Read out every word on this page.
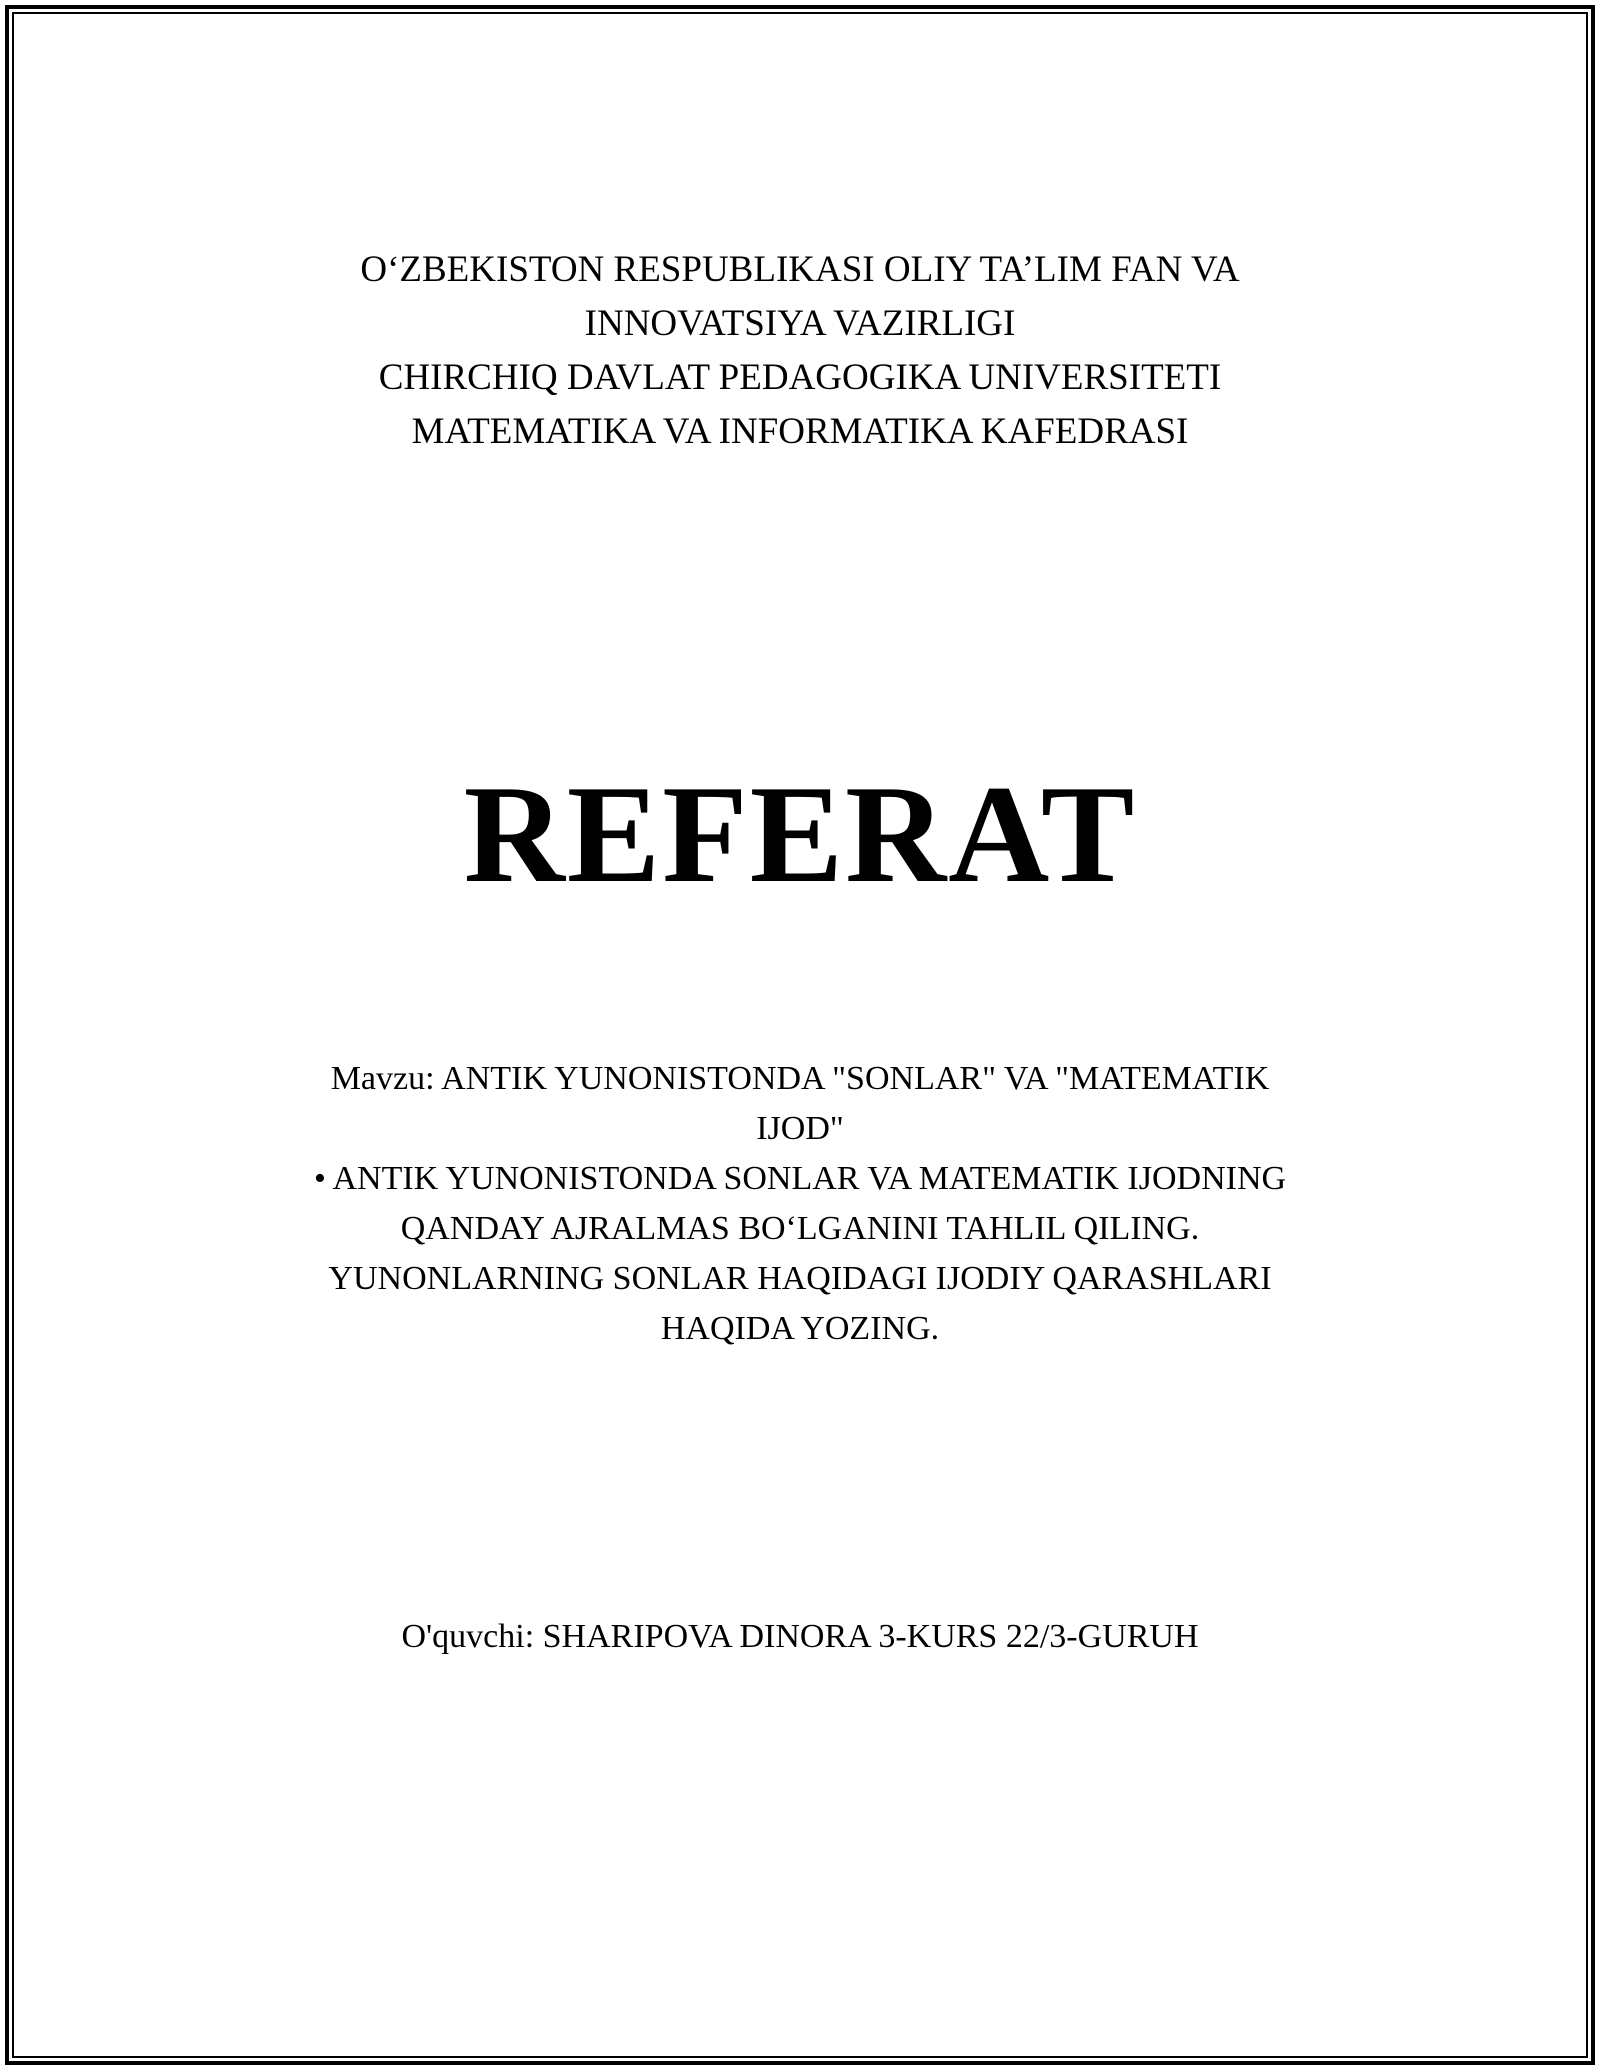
O‘ZBEKISTON RESPUBLIKASI OLIY TA’LIM FAN VA
INNOVATSIYA VAZIRLIGI
CHIRCHIQ DAVLAT PEDAGOGIKA UNIVERSITETI
MATEMATIKA VA INFORMATIKA KAFEDRASI
REFERAT
Mavzu: ANTIK YUNONISTONDA "SONLAR" VA "MATEMATIK
IJOD"
• ANTIK YUNONISTONDA SONLAR VA MATEMATIK IJODNING
QANDAY AJRALMAS BO‘LGANINI TAHLIL QILING.
YUNONLARNING SONLAR HAQIDAGI IJODIY QARASHLARI
HAQIDA YOZING.
O'quvchi: SHARIPOVA DINORA 3-KURS 22/3-GURUH
